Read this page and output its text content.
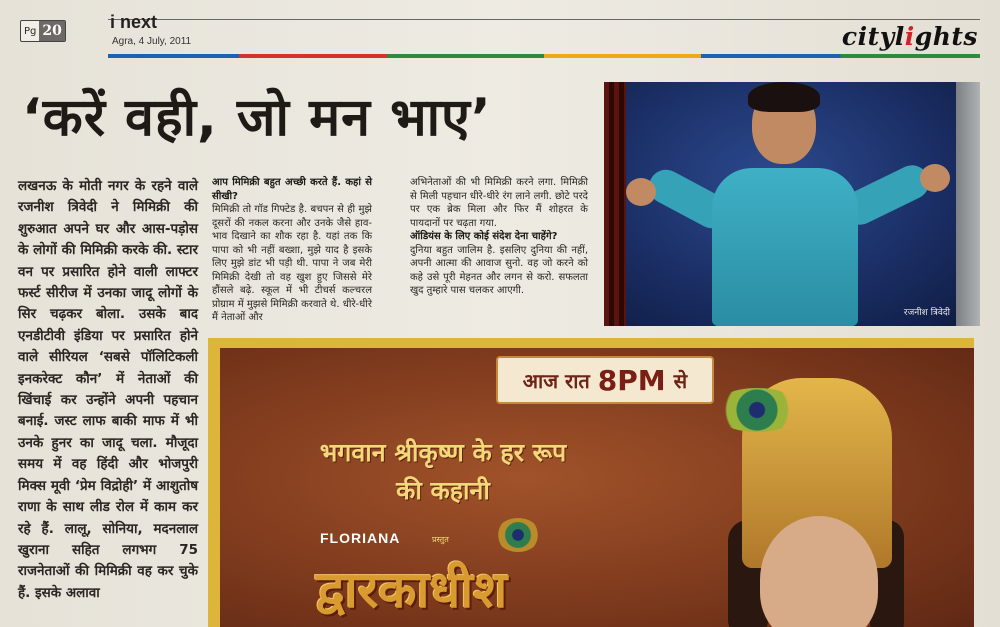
Pg 20	i next
Agra, 4 July, 2011	citylights
‘करें वही, जो मन भाए’
रजनीश त्रिवेदी

लखनऊ के मोती नगर के रहने वाले रजनीश त्रिवेदी ने मिमिक्री की शुरुआत अपने घर और आस-पड़ोस के लोगों की मिमिक्री करके की. स्टार वन पर प्रसारित होने वाली लाफ्टर फर्स्ट सीरीज में उनका जादू लोगों के सिर चढ़कर बोला. उसके बाद एनडीटीवी इंडिया पर प्रसारित होने वाले सीरियल ‘सबसे पॉलिटिकली इनकरेक्ट कौन’ में नेताओं की खिंचाई कर उन्होंने अपनी पहचान बनाई. जस्ट लाफ बाकी माफ में भी उनके हुनर का जादू चला. मौजूदा समय में वह हिंदी और भोजपुरी मिक्स मूवी ‘प्रेम विद्रोही’ में आशुतोष राणा के साथ लीड रोल में काम कर रहे हैं. लालू, सोनिया, मदनलाल खुराना सहित लगभग 75 राजनेताओं की मिमिक्री वह कर चुके हैं. इसके अलावा

आप मिमिक्री बहुत अच्छी करते हैं. कहां से सीखी?

मिमिक्री तो गॉड गिफ्टेड है. बचपन से ही मुझे दूसरों की नकल करना और उनके जैसे हाव-भाव दिखाने का शौक रहा है. यहां तक कि पापा को भी नहीं बख्शा, मुझे याद है इसके लिए मुझे डांट भी पड़ी थी. पापा ने जब मेरी मिमिक्री देखी तो वह खुश हुए जिससे मेरे हौंसले बढ़े. स्कूल में भी टीचर्स कल्चरल प्रोग्राम में मुझसे मिमिक्री करवाते थे. धीरे-धीरे मैं नेताओं और

अभिनेताओं की भी मिमिक्री करने लगा. मिमिक्री से मिली पहचान धीरे-धीरे रंग लाने लगी. छोटे परदे पर एक ब्रेक मिला और फिर मैं शोहरत के पायदानों पर चढ़ता गया.

ऑडियंस के लिए कोई संदेश देना चाहेंगे?

दुनिया बहुत जालिम है. इसलिए दुनिया की नहीं, अपनी आत्मा की आवाज सुनो. वह जो करने को कहे उसे पूरी मेहनत और लगन से करो. सफलता खुद तुम्हारे पास चलकर आएगी.

आज रात 8PM से
भगवान श्रीकृष्ण के हर रूप की कहानी
FLORIANA	प्रस्तुत
द्वारकाधीश
